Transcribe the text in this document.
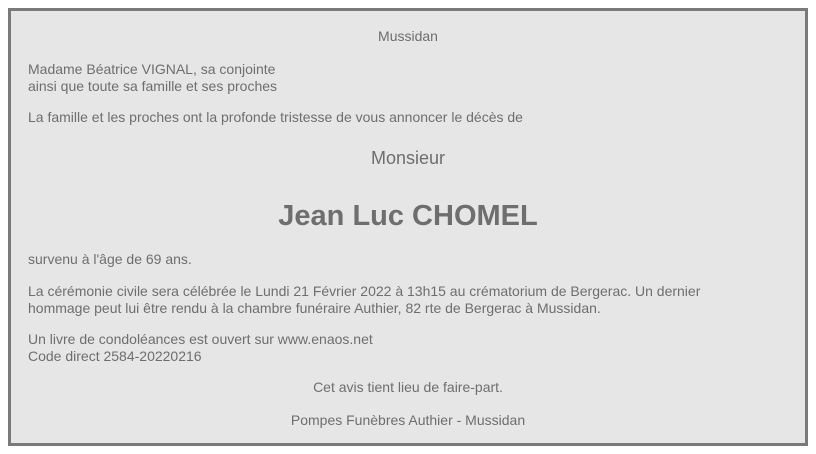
Mussidan

Madame Béatrice VIGNAL, sa conjointe

ainsi que toute sa famille et ses proches

La famille et les proches ont la profonde tristesse de vous annoncer le décès de

Monsieur

Jean Luc CHOMEL

survenu à l'âge de 69 ans.

La cérémonie civile sera célébrée le Lundi 21 Février 2022 à 13h15 au crématorium de Bergerac. Un dernier

hommage peut lui être rendu à la chambre funéraire Authier, 82 rte de Bergerac à Mussidan.

Un livre de condoléances est ouvert sur www.enaos.net

Code direct 2584-20220216

Cet avis tient lieu de faire-part.

Pompes Funèbres Authier - Mussidan
